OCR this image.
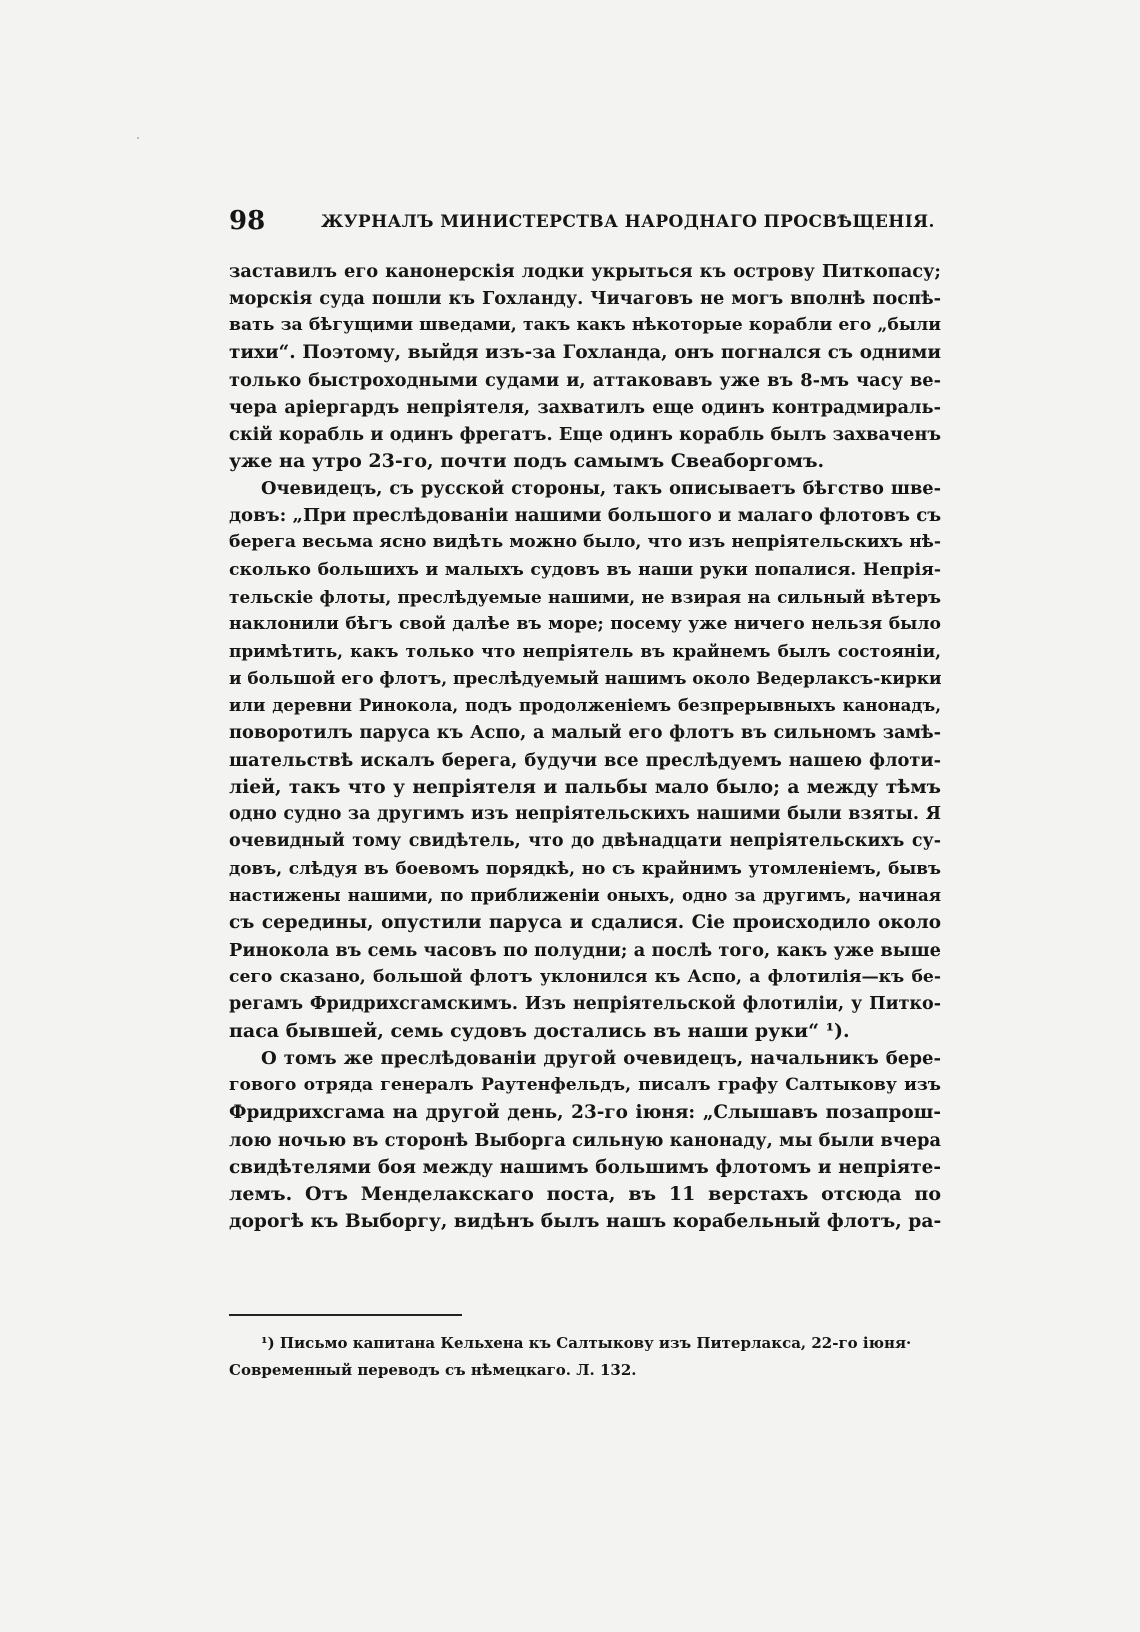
98	ЖУРНАЛЪ МИНИСТЕРСТВА НАРОДНАГО ПРОСВѢЩЕНІЯ.
заставилъ его канонерскія лодки укрыться къ острову Питкопасу;
морскія суда пошли къ Гохланду. Чичаговъ не могъ вполнѣ поспѣ-
вать за бѣгущими шведами, такъ какъ нѣкоторые корабли его „были
тихи“. Поэтому, выйдя изъ-за Гохланда, онъ погнался съ одними
только быстроходными судами и, аттаковавъ уже въ 8-мъ часу ве-
чера аріергардъ непріятеля, захватилъ еще одинъ контрадмираль-
скій корабль и одинъ фрегатъ. Еще одинъ корабль былъ захваченъ
уже на утро 23-го, почти подъ самымъ Свеаборгомъ.
Очевидецъ, съ русской стороны, такъ описываетъ бѣгство шве-
довъ: „При преслѣдованіи нашими большого и малаго флотовъ съ
берега весьма ясно видѣть можно было, что изъ непріятельскихъ нѣ-
сколько большихъ и малыхъ судовъ въ наши руки попалися. Непрія-
тельскіе флоты, преслѣдуемые нашими, не взирая на сильный вѣтеръ
наклонили бѣгъ свой далѣе въ море; посему уже ничего нельзя было
примѣтить, какъ только что непріятель въ крайнемъ былъ состояніи,
и большой его флотъ, преслѣдуемый нашимъ около Ведерлаксъ-кирки
или деревни Ринокола, подъ продолженіемъ безпрерывныхъ канонадъ,
поворотилъ паруса къ Аспо, а малый его флотъ въ сильномъ замѣ-
шательствѣ искалъ берега, будучи все преслѣдуемъ нашею флоти-
ліей, такъ что у непріятеля и пальбы мало было; а между тѣмъ
одно судно за другимъ изъ непріятельскихъ нашими были взяты. Я
очевидный тому свидѣтель, что до двѣнадцати непріятельскихъ су-
довъ, слѣдуя въ боевомъ порядкѣ, но съ крайнимъ утомленіемъ, бывъ
настижены нашими, по приближеніи оныхъ, одно за другимъ, начиная
съ середины, опустили паруса и сдалися. Сіе происходило около
Ринокола въ семь часовъ по полудни; а послѣ того, какъ уже выше
сего сказано, большой флотъ уклонился къ Аспо, а флотилія—къ бе-
регамъ Фридрихсгамскимъ. Изъ непріятельской флотиліи, у Питко-
паса бывшей, семь судовъ достались въ наши руки“ ¹).
О томъ же преслѣдованіи другой очевидецъ, начальникъ бере-
гового отряда генералъ Раутенфельдъ, писалъ графу Салтыкову изъ
Фридрихсгама на другой день, 23-го іюня: „Слышавъ позапрош-
лою ночью въ сторонѣ Выборга сильную канонаду, мы были вчера
свидѣтелями боя между нашимъ большимъ флотомъ и непріяте-
лемъ. Отъ Менделакскаго поста, въ 11 верстахъ отсюда по
дорогѣ къ Выборгу, видѣнъ былъ нашъ корабельный флотъ, ра-
¹) Письмо капитана Кельхена къ Салтыкову изъ Питерлакса, 22-го іюня·
Современный переводъ съ нѣмецкаго. Л. 132.
